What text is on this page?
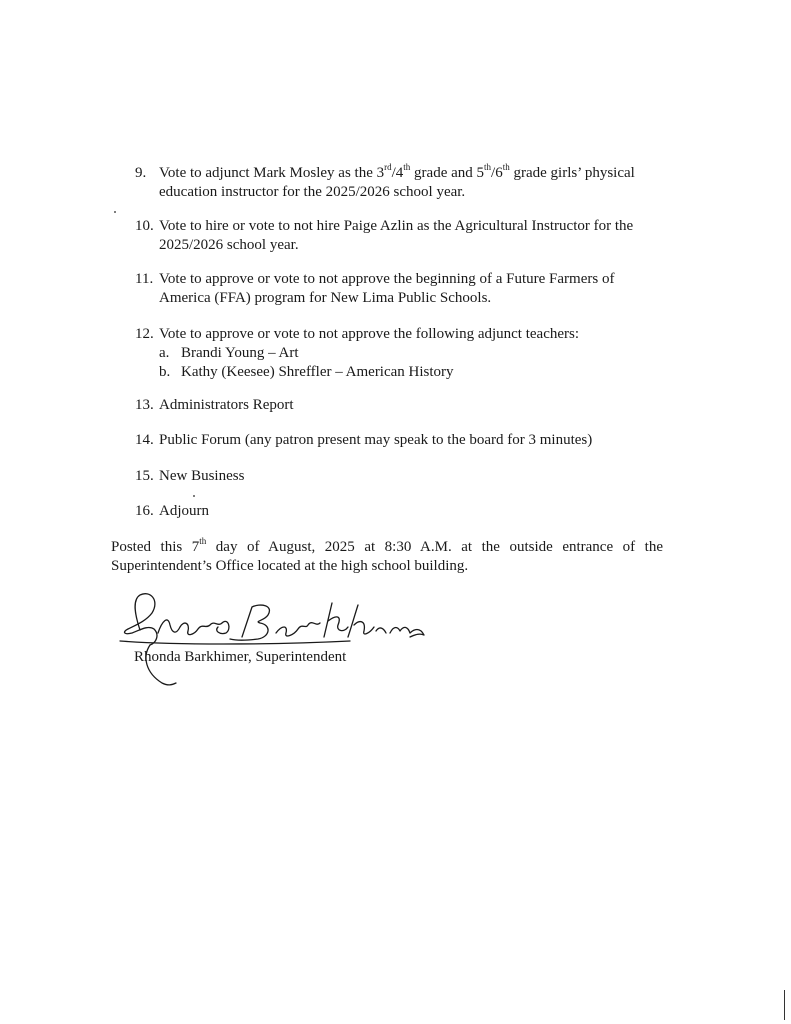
9. Vote to adjunct Mark Mosley as the 3rd/4th grade and 5th/6th grade girls’ physical
education instructor for the 2025/2026 school year.
10. Vote to hire or vote to not hire Paige Azlin as the Agricultural Instructor for the
2025/2026 school year.
11. Vote to approve or vote to not approve the beginning of a Future Farmers of
America (FFA) program for New Lima Public Schools.
12. Vote to approve or vote to not approve the following adjunct teachers:
a. Brandi Young – Art
b. Kathy (Keesee) Shreffler – American History
13. Administrators Report
14. Public Forum (any patron present may speak to the board for 3 minutes)
15. New Business
16. Adjourn
Posted this 7th day of August, 2025 at 8:30 A.M. at the outside entrance of the Superintendent’s Office located at the high school building.
Rhonda Barkhimer, Superintendent
